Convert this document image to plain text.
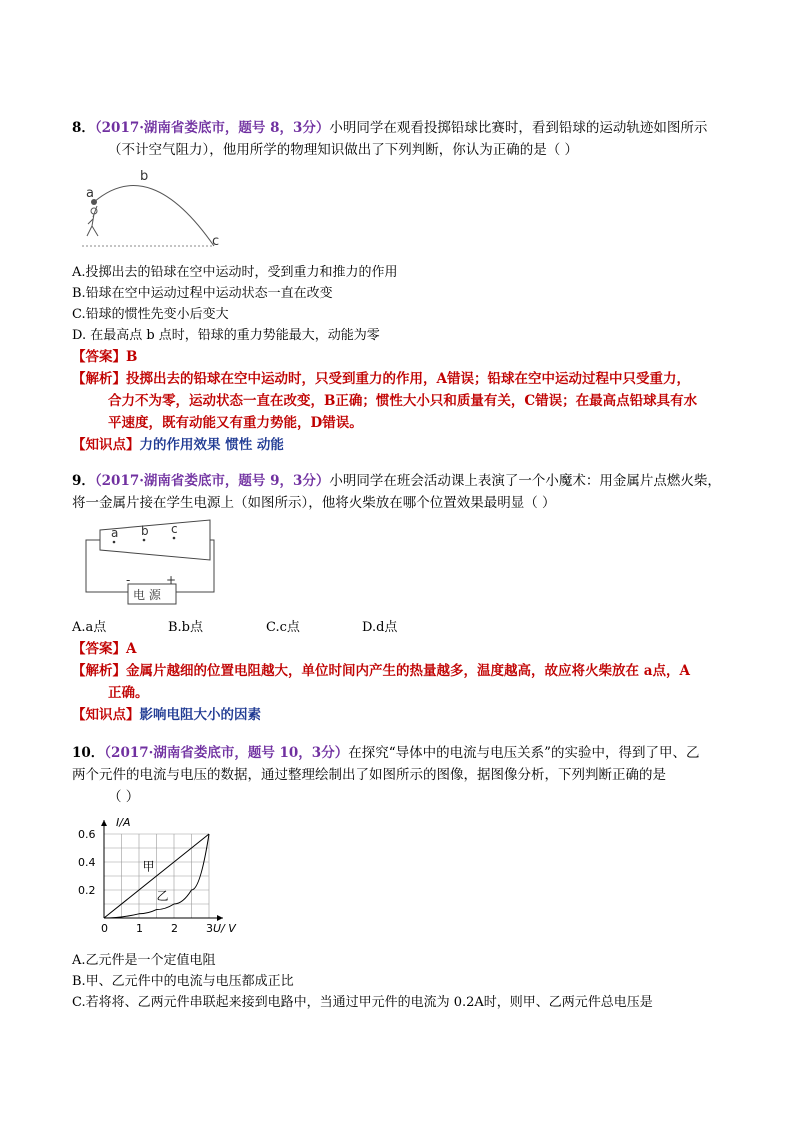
8．（2017·湖南省娄底市，题号 8，3分）小明同学在观看投掷铅球比赛时，看到铅球的运动轨迹如图所示
（不计空气阻力），他用所学的物理知识做出了下列判断，你认为正确的是（ ）
a
b
c
A.投掷出去的铅球在空中运动时，受到重力和推力的作用
B.铅球在空中运动过程中运动状态一直在改变
C.铅球的惯性先变小后变大
D. 在最高点 b 点时，铅球的重力势能最大，动能为零
【答案】B
【解析】投掷出去的铅球在空中运动时，只受到重力的作用，A错误；铅球在空中运动过程中只受重力，
合力不为零，运动状态一直在改变，B正确；惯性大小只和质量有关，C错误；在最高点铅球具有水
平速度，既有动能又有重力势能，D错误。
【知识点】力的作用效果 惯性 动能
9．（2017·湖南省娄底市，题号 9，3分）小明同学在班会活动课上表演了一个小魔术：用金属片点燃火柴，
将一金属片接在学生电源上（如图所示），他将火柴放在哪个位置效果最明显（ ）
a b c
电 源
-	+
A.a点	B.b点	C.c点	D.d点
【答案】A
【解析】金属片越细的位置电阻越大，单位时间内产生的热量越多，温度越高，故应将火柴放在 a点，A
正确。
【知识点】影响电阻大小的因素
10．（2017·湖南省娄底市，题号 10，3分）在探究“导体中的电流与电压关系”的实验中，得到了甲、乙
两个元件的电流与电压的数据，通过整理绘制出了如图所示的图像，据图像分析，下列判断正确的是
（ ）
0	1	2	3
0.2
0.4
0.6
U/ V
I/A
甲
乙
A.乙元件是一个定值电阻
B.甲、乙元件中的电流与电压都成正比
C.若将将、乙两元件串联起来接到电路中，当通过甲元件的电流为 0.2A时，则甲、乙两元件总电压是
